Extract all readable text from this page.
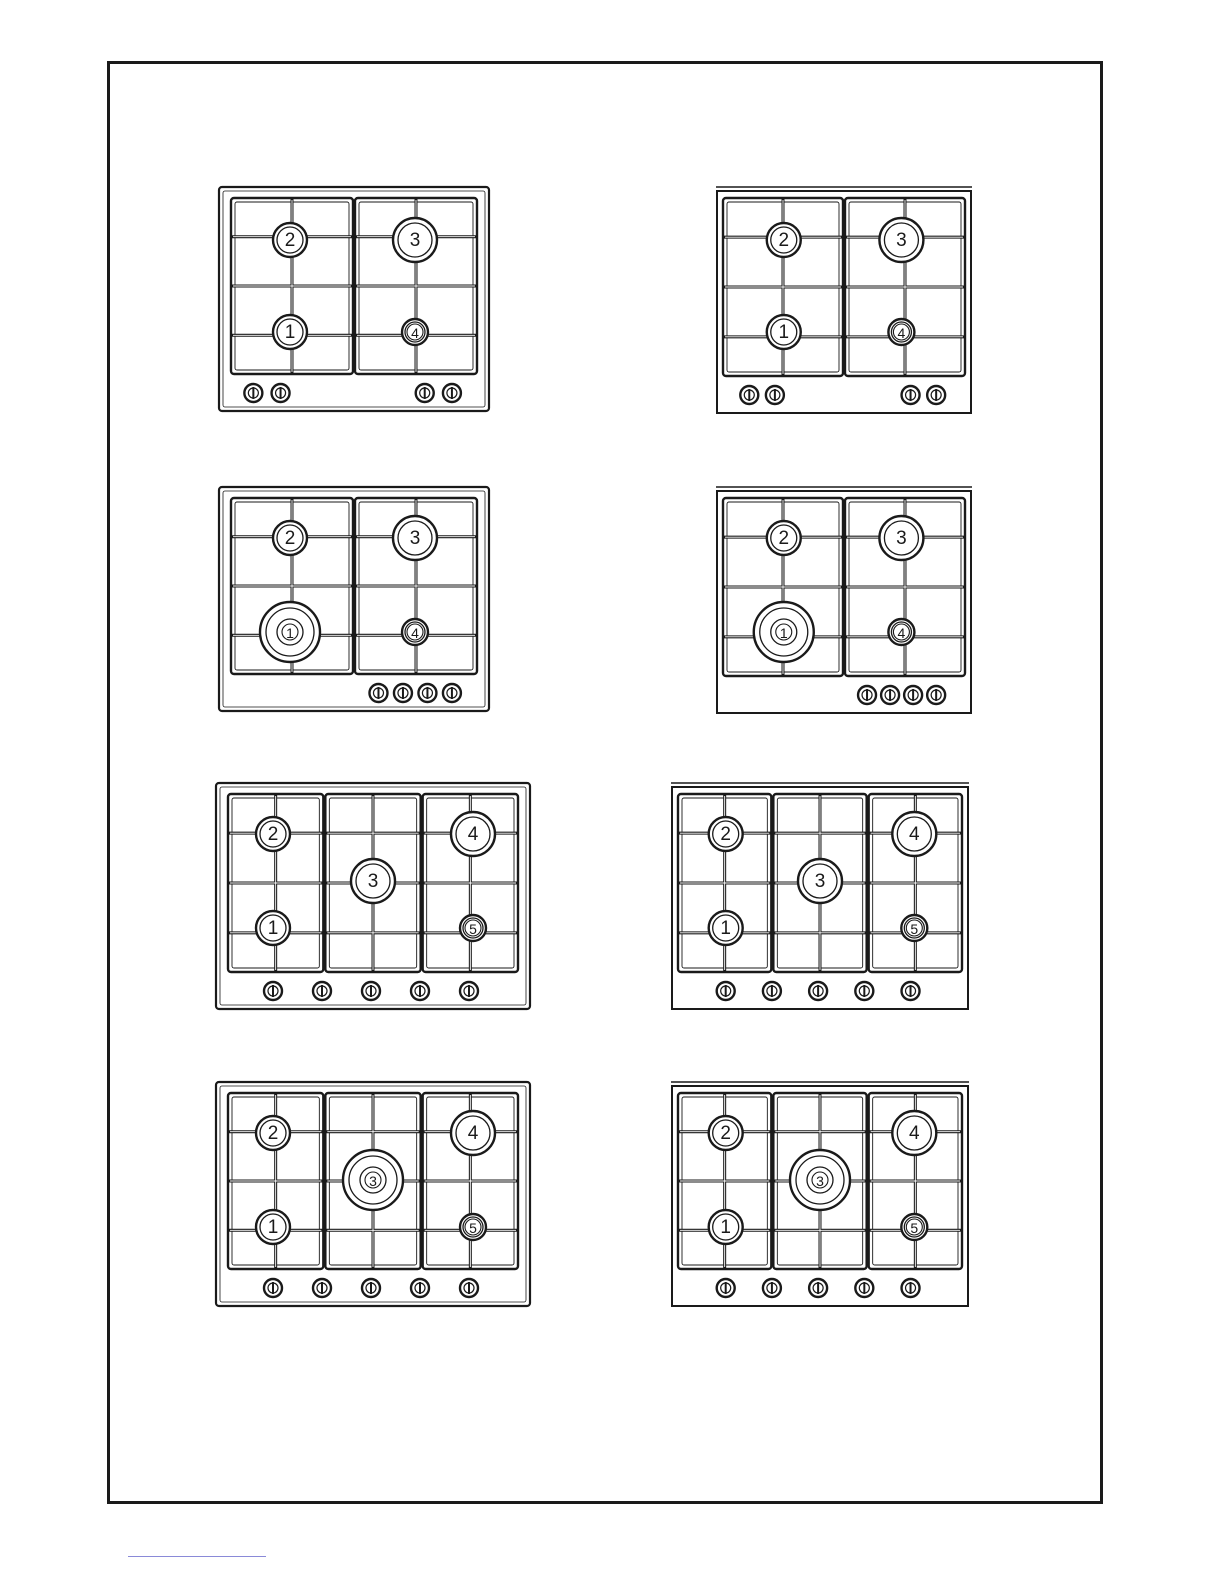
2	3
1	4
2	3
1	4
2	3
1	4
2	3
1	4
2	4
3
1	5
2	4
3
1	5
2	4
3
1	5
2	4
3
1	5
